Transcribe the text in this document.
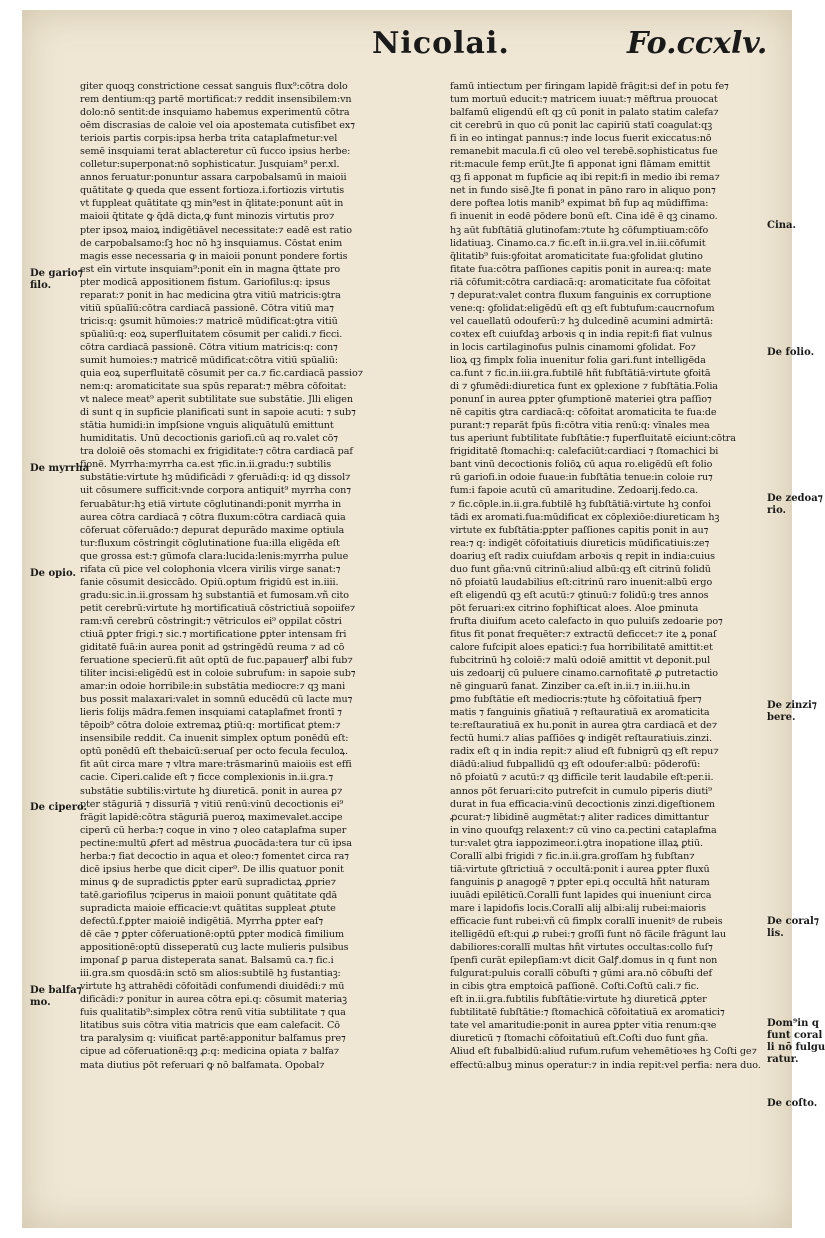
Nicolai.	Fo.ccxlv.
giter quoqꝫ constrictione cessat sanguis flux⁹:cōtra dolo
rem dentium:qꝫ partē mortificat:⁊ reddit insensibilem:vn
dolo:nō sentit:de insquiamo habemus experimentū cōtra
oēm discrasias de caloie vel oia apostemata cutisfibet ex⁊
teriois partis corpis:ipsa herba trita cataplafmetur:vel
semē insquiami terat ablacteretur cū fucco ipsius herbe:
colletur:superponat:nō sophisticatur. Jusquiam⁹ per.xl.
annos feruatur:ponuntur assara carpobalsamū in maioii
quātitate ꝙ queda que essent fortioza.i.fortiozis virtutis
vt fuppleat quātitate qꝫ min⁹est in q̄litate:ponunt aūt in
maioii q̄titate ꝙ q̄dā dicta,ꝙ funt minozis virtutis pro⁊
pter ipsoꝝ maioꝝ indigētiāvel necessitate:⁊ eadē est ratio
de carpobalsamo:ſꝫ hoc nō hꝫ insquiamus. Cōstat enim
magis esse necessaria ꝙ in maioii ponunt pondere fortis
est eīn virtute insquiam⁹:ponit eīn in magna q̄ttate pro
pter modicā appositionem fistum. Gariofilus:q: ipsus
reparat:⁊ ponit in hac medicina ꝯtra vitiū matricis:ꝯtra
vitiū spūalīū:cōtra cardiacā passionē. Cōtra vitiū ma⁊
tricis:q: ꝯsumit hūmoies:⁊ matricē mūdificat:ꝯtra vitiū
spūaliū:q: eoꝝ superfluitatem cōsumit per calidi.⁊ ficci.
cōtra cardiacā passionē. Cōtra vitium matricis:q: con⁊
sumit humoies:⁊ matricē mūdificat:cōtra vitiū spūaliū:
quia eoꝝ superfluitatē cōsumit per ca.⁊ fic.cardiacā passio⁊
nem:q: aromaticitate sua spūs reparat:⁊ mēbra cōfoitat:
vt nalece meat⁹ aperit subtilitate sue substātie. Jlli eligen
di sunt q in supficie planificati sunt in sapoie acuti: ⁊ sub⁊
stātia humidi:in impſsione vnguis aliquātulū emittunt
humiditatis. Unū decoctionis gariofi.cū aq ro.valet cō⁊
tra doloiē oēs stomachi ex frigiditate:⁊ cōtra cardiacā paf
fionē. Myrrha:myrrha ca.est ⁊fic.in.ii.gradu:⁊ subtilis
substātie:virtute hꝫ mūdificādi ⁊ ꝯferuādi:q: id qꝫ dissol⁊
uit cōsumere sufficit:vnde corpora antiquit⁹ myrrha con⁊
feruabātur:hꝫ etiā virtute cōglutinandi:ponit myrrha in
aurea cōtra cardiacā ⁊ cōtra fluxum:cōtra cardiacā quia
cōferuat cōferuādo:⁊ depurat depurādo maxime optiula
tur:fluxum cōstringit cōglutinatione fua:illa eligēda eſt
que grossa est:⁊ gūmofa clara:lucida:lenis:myrrha pulue
rifata cū pice vel colophonia vlcera virilis virge sanat:⁊
fanie cōsumit desiccādo. Opiū.optum frigidū est in.iiii.
gradu:sic.in.ii.grossam hꝫ substantiā et fumosam.vñ cito
petit cerebrū:virtute hꝫ mortificatiuā cōstrictiuā sopoiife⁊
ram:vñ cerebrū cōstringit:⁊ vētriculos ei⁹ oppilat cōstri
ctiuā ꝑpter frigi.⁊ sic.⁊ mortificatione ꝑpter intensam fri
giditatē fuā:in aurea ponit ad ꝯstringēdū reuma ⁊ ad cō
feruatione specierū.fit aūt optū de fuc.papauerꝭ albi fub⁊
tiliter incisi:eligēdū est in coloie subrufum: in sapoie sub⁊
amar:in odoie horribile:in substātia mediocre:⁊ qꝫ mani
bus possit malaxari:valet in somnū educēdū cū lacte mu⁊
lieris folijs mādra.femen insquiami cataplafmet frontī ⁊
tēpoib⁹ cōtra doloie extremaꝝ ꝑtiū:q: mortificat ꝑtem:⁊
insensibile reddit. Ca inuenit simplex optum ponēdū eſt:
optū ponēdū eſt thebaicū:seruaſ per octo fecula feculoꝝ.
fit aūt circa mare ⁊ vltra mare:trāsmarinū maioiis est effi
cacie. Ciperi.calide eſt ⁊ ficce complexionis in.ii.gra.⁊
substātie subtilis:virtute hꝫ diureticā. ponit in aurea ꝑ⁊
pter stāguriā ⁊ dissurīā ⁊ vitiū renū:vinū decoctionis ei⁹
frāgit lapidē:cōtra stāguriā pueroꝝ maximevalet.accipe
ciperū cū herba:⁊ coque in vino ⁊ oleo cataplafma super
pectine:multū ꝓfert ad mēstrua ꝓuocāda:tera tur cū ipsa
herba:⁊ fiat decoctio in aqua et oleo:⁊ fomentet circa ra⁊
dicē ipsius herbe que dicit ciper⁹. De illis quatuor ponit
minus ꝙ de supradictis ꝑpter earū supradictaꝝ ꝓprie⁊
tatē.gariofilus ⁊ciperus in maioii ponunt quātitate qdā
supradicta maioie efficacie:vt quātitas suppleat ꝓtute
defectū.f.ꝑpter maioiē indigētiā. Myrrha ꝑpter eaſ⁊
dē cāe ⁊ ꝑpter cōferuationē:optū ꝑpter modicā fimilium
appositionē:optū disseperatū cuꝫ lacte mulieris pulsibus
imponaſ ꝑ parua disteperata sanat. Balsamū ca.⁊ fic.i
iii.gra.sm quosdā:in sctō sm alios:subtilē hꝫ fustantiaꝫ:
virtute hꝫ attrahēdi cōfoitādi confumendi diuidēdi:⁊ mū
dificādi:⁊ ponitur in aurea cōtra epi.q: cōsumit materiaꝫ
fuis qualitatib⁹:simplex cōtra renū vitia subtilitate ⁊ qua
litatibus suis cōtra vitia matricis que eam calefacit. Cō
tra paralysim q: viuificat partē:apponitur balfamus pre⁊
cipue ad cōferuationē:qꝫ ꝓ:q: medicina opiata ⁊ balfa⁊
mata diutius pōt referuari ꝙ nō balfamata. Opobal⁊
famū intiectum per firingam lapidē frāgit:si def in potu fe⁊
tum mortuū educit:⁊ matricem iuuat:⁊ mēftrua prouocat
balfamū eligendū eſt qꝫ cū ponit in palato statim calefa⁊
cit cerebrū in quo cū ponit lac capiriū statī coagulat:qꝫ
fi in eo intingat pannus:⁊ inde locus fuerit exiccatus:nō
remanebit macula.fi cū oleo vel terebē.sophisticatus fue
rit:macule femp erūt.Jte fi apponat igni flāmam emittit
qꝫ fi apponat m fupficie aq ibi repit:fi in medio ibi rema⁊
net in fundo sisē.Jte fi ponat in pāno raro in aliquo pon⁊
dere poftea lotis manib⁹ expimat bñ fup aq mūdiffima:
fi inuenit in eodē pōdere bonū eſt. Cina idē ē qꝫ cinamo.
hꝫ aūt fubſtātiā glutinofam:⁊tute hꝫ cōfumptiuam:cōfo
lidatiuaꝫ. Cinamo.ca.⁊ fic.eſt in.ii.gra.vel in.iii.cōfumit
q̄litatib⁹ fuis:ꝯfoitat aromaticitate fua:ꝯfolidat glutino
fitate fua:cōtra paſſiones capitis ponit in aurea:q: mate
riā cōfumit:cōtra cardiacā:q: aromaticitate fua cōfoitat
⁊ depurat:valet contra fluxum fanguinis ex corruptione
vene:q: ꝯfolidat:eligēdū eſt qꝫ eſt fubtufum:caucrnofum
vel cauellatū odouferū:⁊ hꝫ dulcedinē acumini admirtā:
coꝛtex eſt cuiufdaꝫ arboꝛis q in india repit:fi fiat vulnus
in locis cartilaginofus pulnis cinamomi ꝯfolidat. Fo⁊
lioꝝ qꝫ fimplx folia inuenitur folia gari.funt intelligēda
ca.funt ⁊ fic.in.iii.gra.fubtilē hñt fubſtātiā:virtute ꝯfoitā
di ⁊ ꝯfumēdi:diuretica funt ex ꝯplexione ⁊ fubſtātia.Folia
ponunſ in aurea ꝑpter ꝯfumptionē materiei ꝯtra paſſio⁊
nē capitis ꝯtra cardiacā:q: cōfoitat aromaticita te fua:de
purant:⁊ reparāt fpūs fi:cōtra vitia renū:q: vīnales mea
tus aperiunt fubtilitate fubſtātie:⁊ fuperfluitatē eiciunt:cōtra
frigiditatē ſtomachi:q: calefaciūt:cardiaci ⁊ ſtomachici bi
bant vinū decoctionis foliōꝝ cū aqua ro.eligēdū eſt folio
rū gariofi.in odoie fuaue:in fubſtātia tenue:in coloie ru⁊
fum:i fapoie acutū cū amaritudine. Zedoarij.fedo.ca.
⁊ fic.cōple.in.ii.gra.fubtilē hꝫ fubſtātiā:virtute hꝫ confoi
tādi ex aromati.fua:mūdificat ex cōplexiōe:diureticam hꝫ
virtute ex fubſtātia:ꝑpter paſſiones capitis ponit in au⁊
rea:⁊ q: indigēt cōfoitatiuis diureticis mūdificatiuis:ze⁊
doariuꝫ eſt radix cuiufdam arboꝛis q repit in india:cuius
duo funt gña:vnū citrinū:aliud albū:qꝫ eſt citrinū folidū
nō pfoiatū laudabilius eſt:citrinū raro inuenit:albū ergo
eſt eligendū qꝫ eſt acutū:⁊ ꝯtinuū:⁊ folidū:ꝯ tres annos
pōt feruari:ex citrino fophiſticat aloes. Aloe ꝑminuta
frufta diuifum aceto calefacto in quo puluiſs zedoarie po⁊
fitus fit ponat frequēter:⁊ extractū deficcet:⁊ ite ꝝ ponaſ
calore fufcipit aloes epatici:⁊ fua horribilitatē amittit:et
fubcitrinū hꝫ coloiē:⁊ malū odoiē amittit vt deponit.pul
uis zedoarij cū puluere cinamo.carnofitatē ꝓ putretactio
nē ginguarū fanat. Zinziber ca.eſt in.ii.⁊ in.iii.hu.in
ꝑmo fubſtātie eſt mediocris:⁊tute hꝫ cōfoitatiuā fper⁊
matis ⁊ fanguinis gñatiuā ⁊ reſtauratiuā ex aromaticita
te:reſtauratiuā ex hu.ponit in aurea ꝯtra cardiacā et de⁊
fectū humi.⁊ alias paſſiōes ꝙ indigēt reſtauratiuis.zinzi.
radix eſt q in india repit:⁊ aliud eſt fubnigrū qꝫ eſt repu⁊
diādū:aliud fubpallidū qꝫ eſt odoufer:albū: pōderofū:
nō pfoiatū ⁊ acutū:⁊ qꝫ difficile terit laudabile eſt:per.ii.
annos pōt feruari:cito putrefcit in cumulo piperis diuti⁹
durat in fua efficacia:vinū decoctionis zinzi.digeſtionem
ꝓcurat:⁊ libidinē augmētat:⁊ aliter radices dimittantur
in vino quoufqꝫ relaxent:⁊ cū vino ca.pectini cataplafma
tur:valet ꝯtra iappozimeor.i.ꝯtra inopatione illaꝝ ꝑtiū.
Corallī albi frigidi ⁊ fic.in.ii.gra.groſſam hꝫ fubſtan⁊
tiā:virtute ꝯſtrictiuā ⁊ occultā:ponit i aurea ꝑpter fluxū
fanguinis ꝑ anagogē ⁊ ꝑpter epi.q occultā hñt naturam
iuuādi epilēticū.Corallī funt lapides qui inueniunt circa
mare i lapidofis locis.Corallī alij albi:alij rubei:maioris
efficacie funt rubei:vñ cū fimplx corallī inuenitꝰ de rubeis
itelligēdū eſt:qui ꝓ rubei:⁊ groſſi funt nō fācile frāgunt lau
dabiliores:corallī multas hñt virtutes occultas:collo fuſ⁊
ſpenfi curāt epilepſiam:vt dicit Galꝭ.domus in q funt non
fulgurat:puluis corallī cōbuſti ⁊ gūmi ara.nō cōbuſti def
in cibis ꝯtra emptoicā paſſionē. Coſti.Coſtū cali.⁊ fic.
eſt in.ii.gra.fubtilis fubſtātie:virtute hꝫ diureticā ꝓpter
fubtilitatē fubſtātie:⁊ ſtomachicā cōfoitatiuā ex aromatici⁊
tate vel amaritudie:ponit in aurea ꝑpter vitia renum:qꝛe
diureticū ⁊ ſtomachi cōfoitatiuū eſt.Coſti duo funt gña.
Aliud eſt fubalbidū:aliud rufum.rufum vehemētioꝛes hꝫ Coſti ge⁊
effectū:albuꝫ minus operatur:⁊ in india repit:vel perfia: nera duo.
De gario⁊
filo.
De myrrha
De opio.
De cipero.
De balfa⁊
mo.
Cina.
De folio.
De zedoa⁊
rio.
De zinzi⁊
bere.
De coral⁊
lis.
Dom⁹in q
funt coral
li nō fulgu
ratur.
De coſto.
